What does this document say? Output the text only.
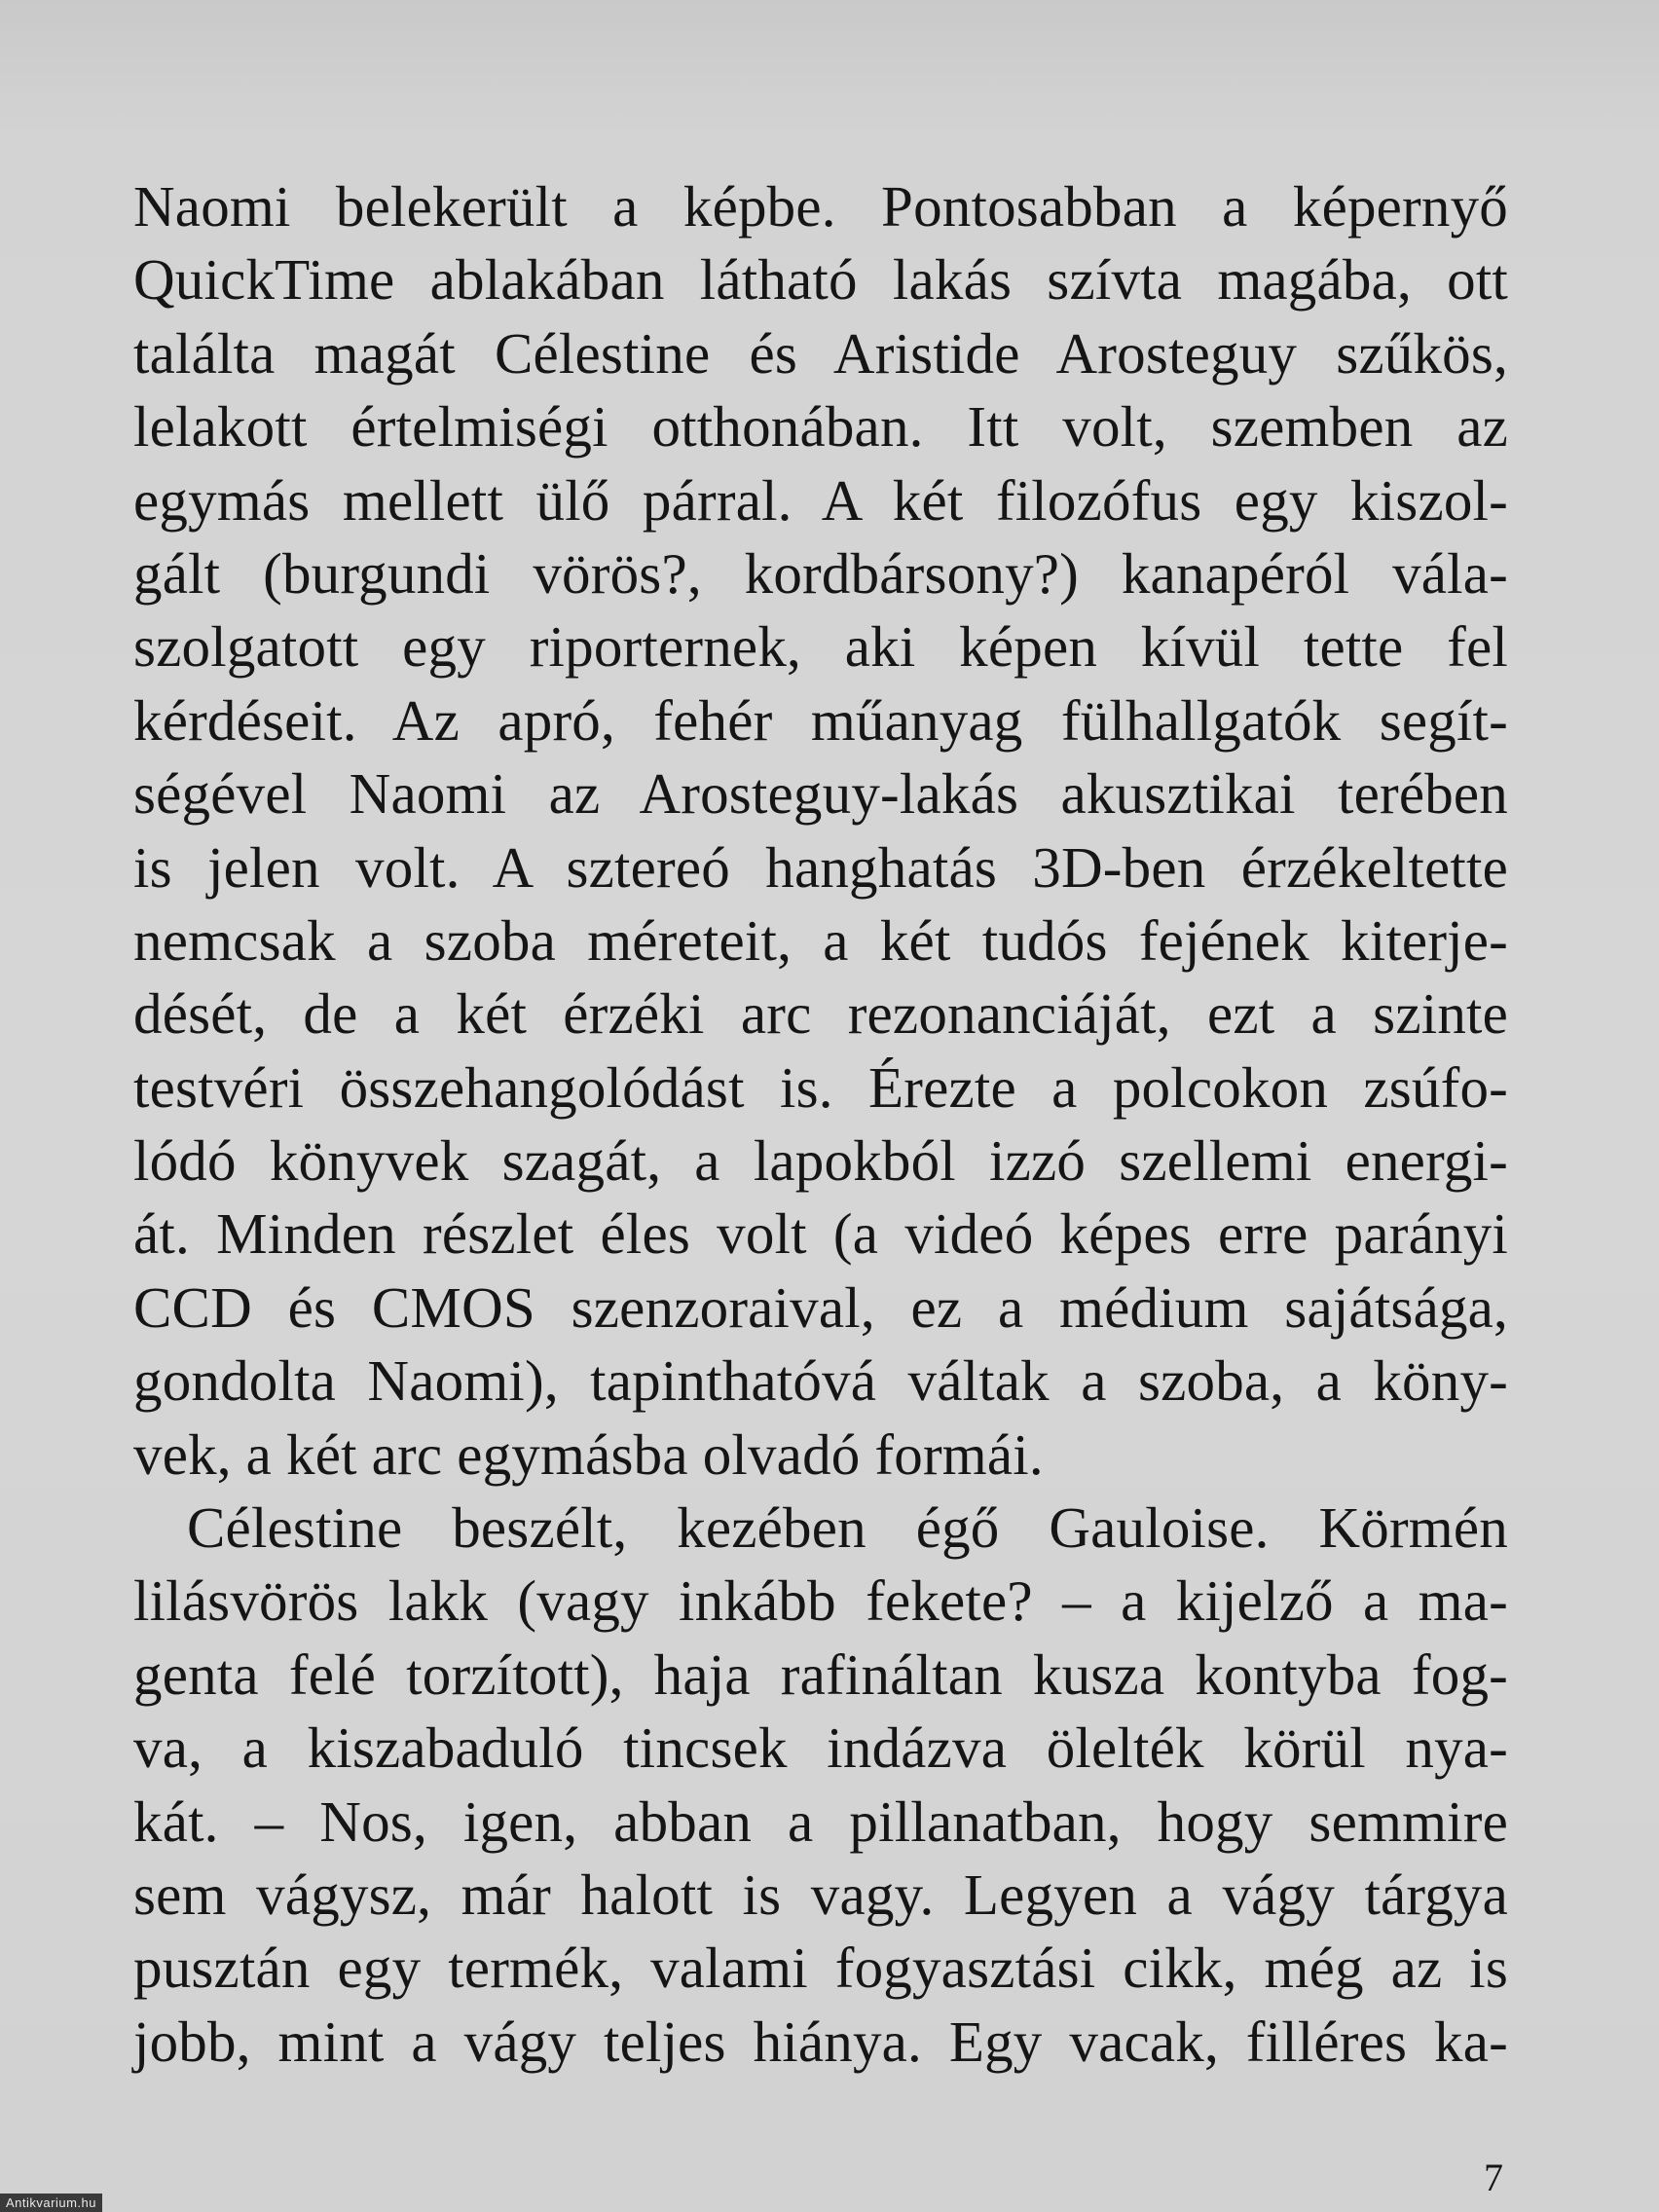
Naomi belekerült a képbe. Pontosabban a képernyő
QuickTime ablakában látható lakás szívta magába, ott
találta magát Célestine és Aristide Arosteguy szűkös,
lelakott értelmiségi otthonában. Itt volt, szemben az
egymás mellett ülő párral. A két filozófus egy kiszol-
gált (burgundi vörös?, kordbársony?) kanapéról vála-
szolgatott egy riporternek, aki képen kívül tette fel
kérdéseit. Az apró, fehér műanyag fülhallgatók segít-
ségével Naomi az Arosteguy-lakás akusztikai terében
is jelen volt. A sztereó hanghatás 3D-ben érzékeltette
nemcsak a szoba méreteit, a két tudós fejének kiterje-
dését, de a két érzéki arc rezonanciáját, ezt a szinte
testvéri összehangolódást is. Érezte a polcokon zsúfo-
lódó könyvek szagát, a lapokból izzó szellemi energi-
át. Minden részlet éles volt (a videó képes erre parányi
CCD és CMOS szenzoraival, ez a médium sajátsága,
gondolta Naomi), tapinthatóvá váltak a szoba, a köny-
vek, a két arc egymásba olvadó formái.
Célestine beszélt, kezében égő Gauloise. Körmén
lilásvörös lakk (vagy inkább fekete? – a kijelző a ma-
genta felé torzított), haja rafináltan kusza kontyba fog-
va, a kiszabaduló tincsek indázva ölelték körül nya-
kát. – Nos, igen, abban a pillanatban, hogy semmire
sem vágysz, már halott is vagy. Legyen a vágy tárgya
pusztán egy termék, valami fogyasztási cikk, még az is
jobb, mint a vágy teljes hiánya. Egy vacak, filléres ka-
7
Antikvarium.hu
